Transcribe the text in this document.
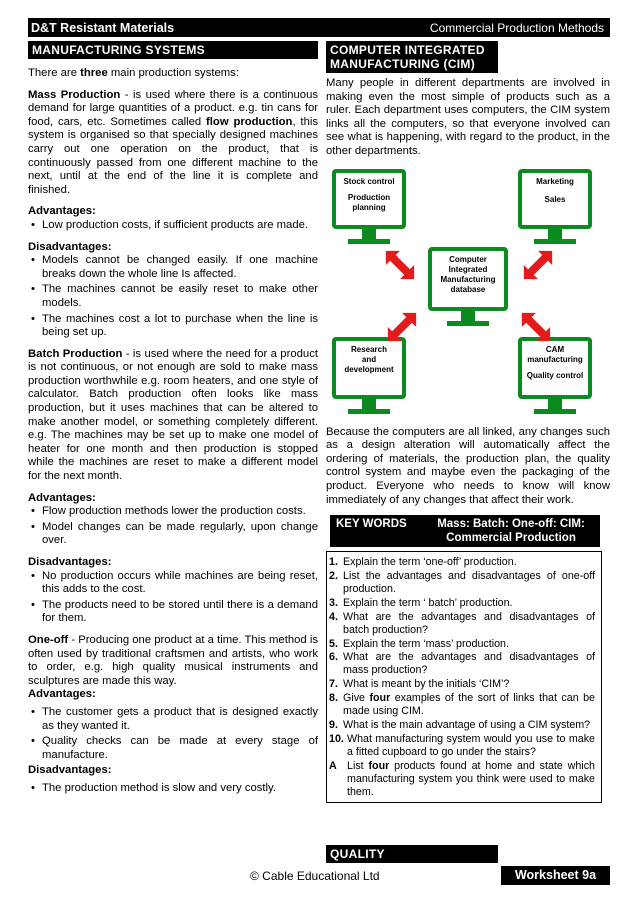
D&T Resistant Materials	Commercial Production Methods
MANUFACTURING SYSTEMS

There are three main production systems:

Mass Production - is used where there is a continuous demand for large quantities of a product. e.g. tin cans for food, cars, etc. Sometimes called flow production, this system is organised so that specially designed machines carry out one operation on the product, that is continuously passed from one different machine to the next, until at the end of the line it is complete and finished.

Advantages:
• Low production costs, if sufficient products are made.
Disadvantages:
• Models cannot be changed easily. If one machine breaks down the whole line Is affected.
• The machines cannot be easily reset to make other models.
• The machines cost a lot to purchase when the line is being set up.

Batch Production - is used where the need for a product is not continuous, or not enough are sold to make mass production worthwhile e.g. room heaters, and one style of calculator. Batch production often looks like mass production, but it uses machines that can be altered to make another model, or something completely different. e.g. The machines may be set up to make one model of heater for one month and then production is stopped while the machines are reset to make a different model for the next month.

Advantages:
• Flow production methods lower the production costs.
• Model changes can be made regularly, upon change over.
Disadvantages:
• No production occurs while machines are being reset, this adds to the cost.
• The products need to be stored until there is a demand for them.

One-off - Producing one product at a time. This method is often used by traditional craftsmen and artists, who work to order, e.g. high quality musical instruments and sculptures are made this way.

Advantages:
• The customer gets a product that is designed exactly as they wanted it.
• Quality checks can be made at every stage of manufacture.
Disadvantages:
• The production method is slow and very costly.
COMPUTER INTEGRATED
MANUFACTURING (CIM)

Many people in different departments are involved in making even the most simple of products such as a ruler. Each department uses computers, the CIM system links all the computers, so that everyone involved can see what is happening, with regard to the product, in the other departments.

Stock control
Production
planning
Marketing
Sales
Computer
Integrated
Manufacturing
database
Research
and
development
CAM
manufacturing
Quality control

Because the computers are all linked, any changes such as a design alteration will automatically affect the ordering of materials, the production plan, the quality control system and maybe even the packaging of the product. Everyone who needs to know will know immediately of any changes that affect their work.

KEY WORDS	Mass: Batch: One-off: CIM:
Commercial Production
1. Explain the term ‘one-off’ production.
2. List the advantages and disadvantages of one-off production.
3. Explain the term ‘ batch’ production.
4. What are the advantages and disadvantages of batch production?
5. Explain the term ‘mass’ production.
6. What are the advantages and disadvantages of mass production?
7. What is meant by the initials ‘CIM’?
8. Give four examples of the sort of links that can be made using CIM.
9. What is the main advantage of using a CIM system?
10. What manufacturing system would you use to make a fitted cupboard to go under the stairs?
A List four products found at home and state which manufacturing system you think were used to make them.
QUALITY
© Cable Educational Ltd	Worksheet 9a
